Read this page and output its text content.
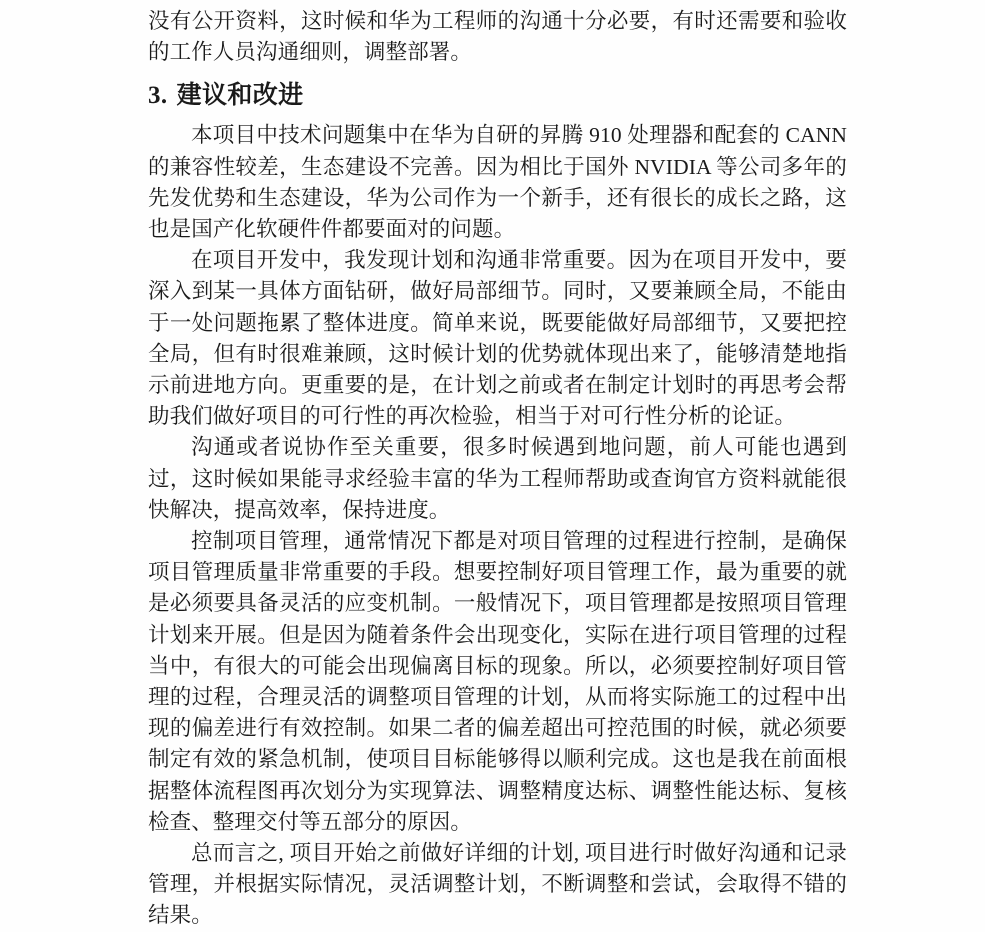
没有公开资料，这时候和华为工程师的沟通十分必要，有时还需要和验收的工作人员沟通细则，调整部署。

3. 建议和改进

本项目中技术问题集中在华为自研的昇腾 910 处理器和配套的 CANN 的兼容性较差，生态建设不完善。因为相比于国外 NVIDIA 等公司多年的先发优势和生态建设，华为公司作为一个新手，还有很长的成长之路，这也是国产化软硬件件都要面对的问题。

在项目开发中，我发现计划和沟通非常重要。因为在项目开发中，要深入到某一具体方面钻研，做好局部细节。同时，又要兼顾全局，不能由于一处问题拖累了整体进度。简单来说，既要能做好局部细节，又要把控全局，但有时很难兼顾，这时候计划的优势就体现出来了，能够清楚地指示前进地方向。更重要的是，在计划之前或者在制定计划时的再思考会帮助我们做好项目的可行性的再次检验，相当于对可行性分析的论证。

沟通或者说协作至关重要，很多时候遇到地问题，前人可能也遇到过，这时候如果能寻求经验丰富的华为工程师帮助或查询官方资料就能很快解决，提高效率，保持进度。

控制项目管理，通常情况下都是对项目管理的过程进行控制，是确保项目管理质量非常重要的手段。想要控制好项目管理工作，最为重要的就是必须要具备灵活的应变机制。一般情况下，项目管理都是按照项目管理计划来开展。但是因为随着条件会出现变化，实际在进行项目管理的过程当中，有很大的可能会出现偏离目标的现象。所以，必须要控制好项目管理的过程，合理灵活的调整项目管理的计划，从而将实际施工的过程中出现的偏差进行有效控制。如果二者的偏差超出可控范围的时候，就必须要制定有效的紧急机制，使项目目标能够得以顺利完成。这也是我在前面根据整体流程图再次划分为实现算法、调整精度达标、调整性能达标、复核检查、整理交付等五部分的原因。

总而言之, 项目开始之前做好详细的计划, 项目进行时做好沟通和记录管理，并根据实际情况，灵活调整计划，不断调整和尝试，会取得不错的结果。
